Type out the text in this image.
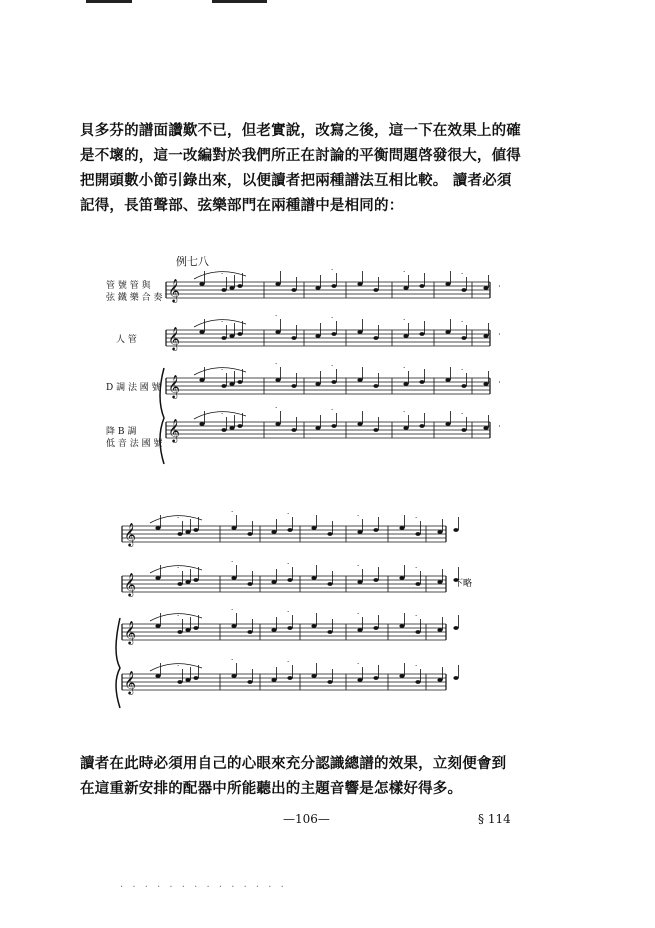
貝多芬的譜面讚歎不已，但老實說，改寫之後，這一下在效果上的確
是不壞的，這一改編對於我們所正在討論的平衡問題啓發很大，値得
把開頭數小節引錄出來，以便讀者把兩種譜法互相比較。 讀者必須
記得，長笛聲部、弦樂部門在兩種譜中是相同的：
例七八
管 號 管 與
弦 鐵 樂 合 奏
人 管
D 調 法 國 號
降 B 調
低 音 法 國 號
𝄞
·
·	·	·	·
𝄞
·
·	·	·	·
𝄞
·
·	·	·	·
𝄞
·
·	·	·	·
𝄞
·
·	·	·	·
𝄞
·
·	·	·	·
𝄞
·
·	·	·	·
𝄞
·
·	·	·	·
下略
讀者在此時必須用自己的心眼來充分認識總譜的效果，立刻便會到
在這重新安排的配器中所能聽出的主題音響是怎樣好得多。
—106—	§ 114
· · · · · · · · · · · · · ·
